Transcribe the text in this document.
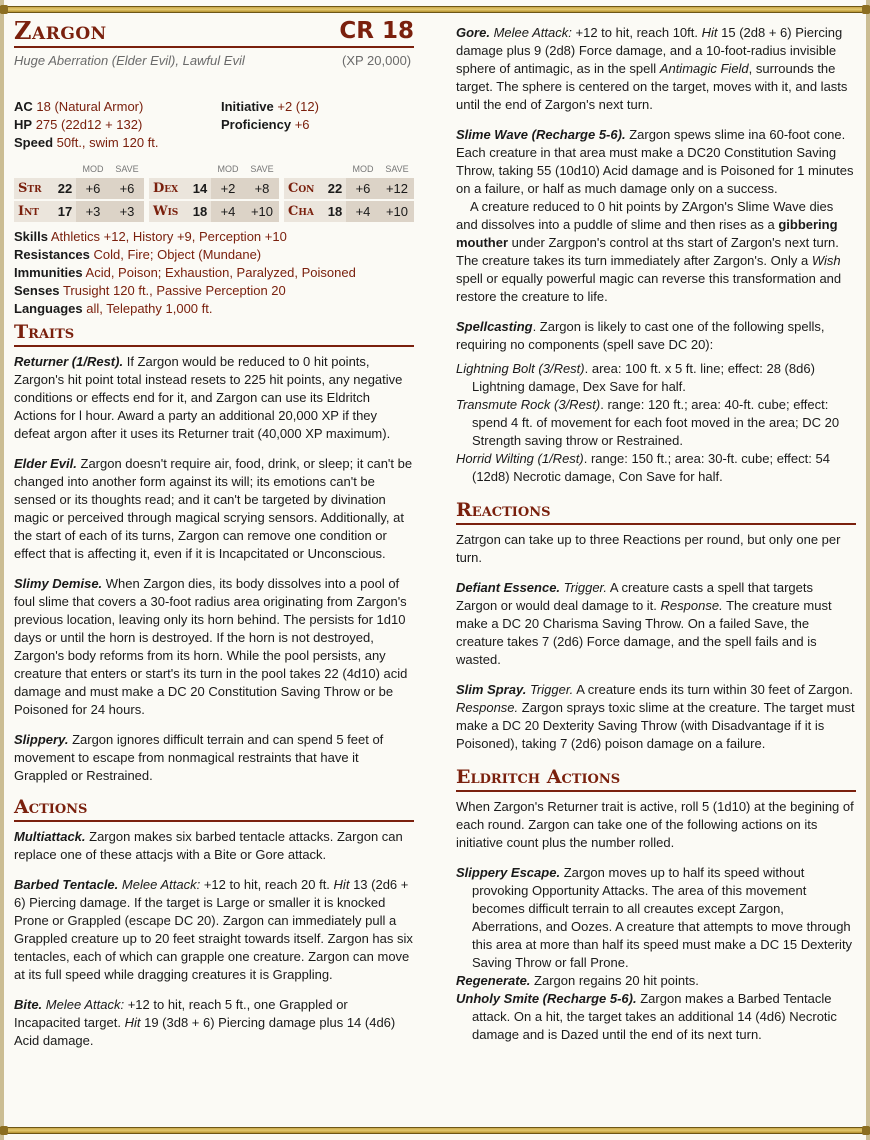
Zargon	CR 18
Huge Aberration (Elder Evil), Lawful Evil	(XP 20,000)
AC 18 (Natural Armor)
HP 275 (22d12 + 132)
Speed 50ft., swim 120 ft.
Initiative +2 (12)
Proficiency +6
		MOD	SAVE				MOD	SAVE				MOD	SAVE
Str	22	+6	+6		Dex	14	+2	+8		Con	22	+6	+12
Int	17	+3	+3		Wis	18	+4	+10		Cha	18	+4	+10
Skills Athletics +12, History +9, Perception +10
Resistances Cold, Fire; Object (Mundane)
Immunities Acid, Poison; Exhaustion, Paralyzed, Poisoned
Senses Trusight 120 ft., Passive Perception 20
Languages all, Telepathy 1,000 ft.
Traits

Returner (1/Rest). If Zargon would be reduced to 0 hit points, Zargon's hit point total instead resets to 225 hit points, any negative conditions or effects end for it, and Zargon can use its Eldritch Actions for l hour. Award a party an additional 20,000 XP if they defeat argon after it uses its Returner trait (40,000 XP maximum).

Elder Evil. Zargon doesn't require air, food, drink, or sleep; it can't be changed into another form against its will; its emotions can't be sensed or its thoughts read; and it can't be targeted by divination magic or perceived through magical scrying sensors. Additionally, at the start of each of its turns, Zargon can remove one condition or effect that is affecting it, even if it is Incapcitated or Unconscious.

Slimy Demise. When Zargon dies, its body dissolves into a pool of foul slime that covers a 30-foot radius area originating from Zargon's previous location, leaving only its horn behind. The persists for 1d10 days or until the horn is destroyed. If the horn is not destroyed, Zargon's body reforms from its horn. While the pool persists, any creature that enters or start's its turn in the pool takes 22 (4d10) acid damage and must make a DC 20 Constitution Saving Throw or be Poisoned for 24 hours.

Slippery. Zargon ignores difficult terrain and can spend 5 feet of movement to escape from nonmagical restraints that have it Grappled or Restrained.

Actions

Multiattack. Zargon makes six barbed tentacle attacks. Zargon can replace one of these attacjs with a Bite or Gore attack.

Barbed Tentacle. Melee Attack: +12 to hit, reach 20 ft. Hit 13 (2d6 + 6) Piercing damage. If the target is Large or smaller it is knocked Prone or Grappled (escape DC 20). Zargon can immediately pull a Grappled creature up to 20 feet straight towards itself. Zargon has six tentacles, each of which can grapple one creature. Zargon can move at its full speed while dragging creatures it is Grappling.

Bite. Melee Attack: +12 to hit, reach 5 ft., one Grappled or Incapacited target. Hit 19 (3d8 + 6) Piercing damage plus 14 (4d6) Acid damage.

Gore. Melee Attack: +12 to hit, reach 10ft. Hit 15 (2d8 + 6) Piercing damage plus 9 (2d8) Force damage, and a 10-foot-radius invisible sphere of antimagic, as in the spell Antimagic Field, surrounds the target. The sphere is centered on the target, moves with it, and lasts until the end of Zargon's next turn.

Slime Wave (Recharge 5-6). Zargon spews slime ina 60-foot cone. Each creature in that area must make a DC20 Constitution Saving Throw, taking 55 (10d10) Acid damage and is Poisoned for 1 minutes on a failure, or half as much damage only on a success.

A creature reduced to 0 hit points by ZArgon's Slime Wave dies and dissolves into a puddle of slime and then rises as a gibbering mouther under Zargpon's control at ths start of Zargon's next turn. The creature takes its turn immediately after Zargon's. Only a Wish spell or equally powerful magic can reverse this transformation and restore the creature to life.

Spellcasting. Zargon is likely to cast one of the following spells, requiring no components (spell save DC 20):

Lightning Bolt (3/Rest). area: 100 ft. x 5 ft. line; effect: 28 (8d6) Lightning damage, Dex Save for half.

Transmute Rock (3/Rest). range: 120 ft.; area: 40-ft. cube; effect: spend 4 ft. of movement for each foot moved in the area; DC 20 Strength saving throw or Restrained.

Horrid Wilting (1/Rest). range: 150 ft.; area: 30-ft. cube; effect: 54 (12d8) Necrotic damage, Con Save for half.

Reactions

Zatrgon can take up to three Reactions per round, but only one per turn.

Defiant Essence. Trigger. A creature casts a spell that targets Zargon or would deal damage to it. Response. The creature must make a DC 20 Charisma Saving Throw. On a failed Save, the creature takes 7 (2d6) Force damage, and the spell fails and is wasted.

Slim Spray. Trigger. A creature ends its turn within 30 feet of Zargon. Response. Zargon sprays toxic slime at the creature. The target must make a DC 20 Dexterity Saving Throw (with Disadvantage if it is Poisoned), taking 7 (2d6) poison damage on a failure.

Eldritch Actions

When Zargon's Returner trait is active, roll 5 (1d10) at the begining of each round. Zargon can take one of the following actions on its initiative count plus the number rolled.

Slippery Escape. Zargon moves up to half its speed without provoking Opportunity Attacks. The area of this movement becomes difficult terrain to all creautes except Zargon, Aberrations, and Oozes. A creature that attempts to move through this area at more than half its speed must make a DC 15 Dexterity Saving Throw or fall Prone.

Regenerate. Zargon regains 20 hit points.

Unholy Smite (Recharge 5-6). Zargon makes a Barbed Tentacle attack. On a hit, the target takes an additional 14 (4d6) Necrotic damage and is Dazed until the end of its next turn.
